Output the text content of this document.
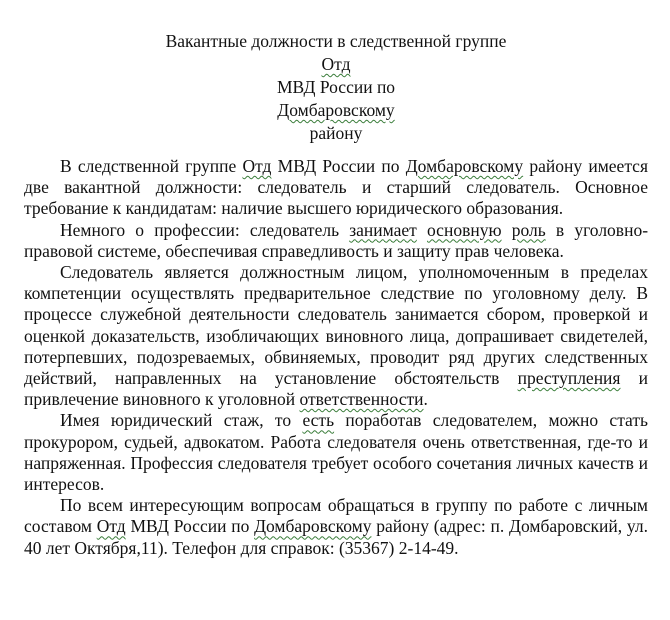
Вакантные должности в следственной группе
Отд
МВД России по
Домбаровскому
району

В следственной группе Отд МВД России по Домбаровскому району имеется две вакантной должности: следователь и старший следователь. Основное требование к кандидатам: наличие высшего юридического образования.

Немного о профессии: следователь занимает основную роль в уголовно-правовой системе, обеспечивая справедливость и защиту прав человека.

Следователь является должностным лицом, уполномоченным в пределах компетенции осуществлять предварительное следствие по уголовному делу. В процессе служебной деятельности следователь занимается сбором, проверкой и оценкой доказательств, изобличающих виновного лица, допрашивает свидетелей, потерпевших, подозреваемых, обвиняемых, проводит ряд других следственных действий, направленных на установление обстоятельств преступления и привлечение виновного к уголовной ответственности.

Имея юридический стаж, то есть поработав следователем, можно стать прокурором, судьей, адвокатом. Работа следователя очень ответственная, где-то и напряженная. Профессия следователя требует особого сочетания личных качеств и интересов.

По всем интересующим вопросам обращаться в группу по работе с личным составом Отд МВД России по Домбаровскому району (адрес: п. Домбаровский, ул. 40 лет Октября,11). Телефон для справок: (35367) 2-14-49.
